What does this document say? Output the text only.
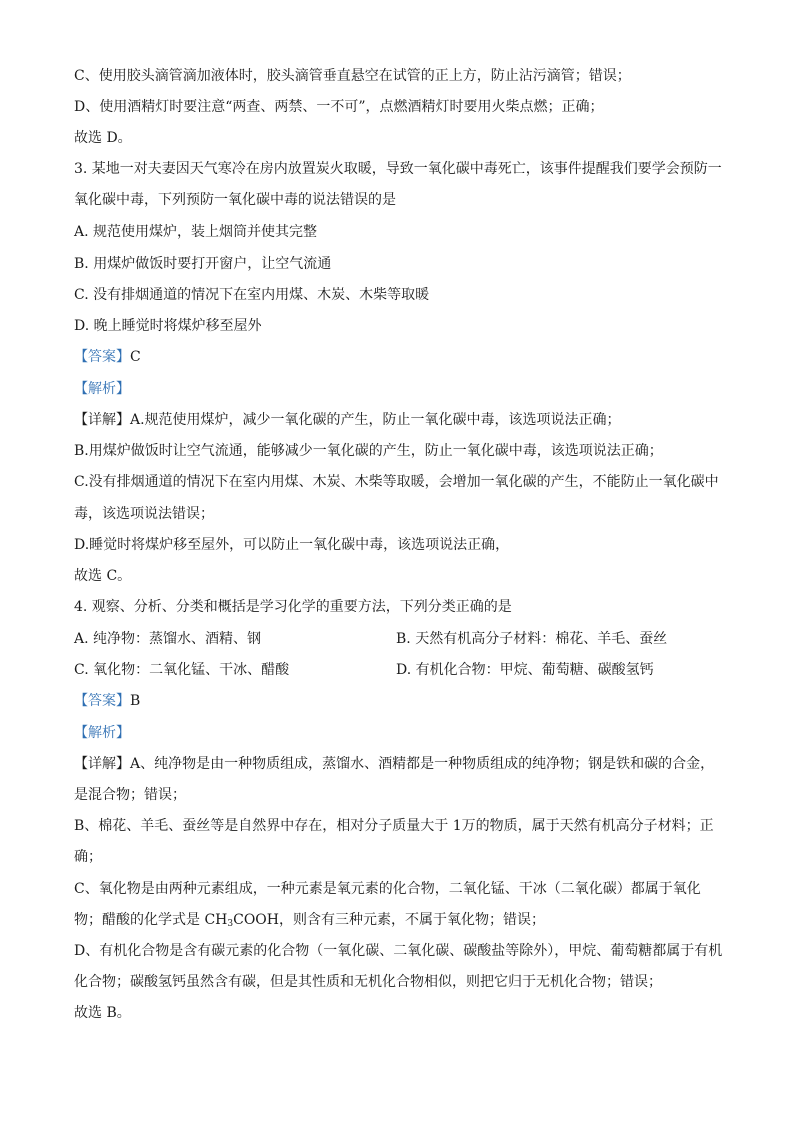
C、使用胶头滴管滴加液体时，胶头滴管垂直悬空在试管的正上方，防止沾污滴管；错误；
D、使用酒精灯时要注意“两查、两禁、一不可”，点燃酒精灯时要用火柴点燃；正确；
故选 D。
3. 某地一对夫妻因天气寒冷在房内放置炭火取暖，导致一氧化碳中毒死亡，该事件提醒我们要学会预防一
氧化碳中毒，下列预防一氧化碳中毒的说法错误的是
A. 规范使用煤炉，装上烟筒并使其完整
B. 用煤炉做饭时要打开窗户，让空气流通
C. 没有排烟通道的情况下在室内用煤、木炭、木柴等取暖
D. 晚上睡觉时将煤炉移至屋外
【答案】C
【解析】
【详解】A.规范使用煤炉，减少一氧化碳的产生，防止一氧化碳中毒，该选项说法正确；
B.用煤炉做饭时让空气流通，能够减少一氧化碳的产生，防止一氧化碳中毒，该选项说法正确；
C.没有排烟通道的情况下在室内用煤、木炭、木柴等取暖，会增加一氧化碳的产生，不能防止一氧化碳中
毒，该选项说法错误；
D.睡觉时将煤炉移至屋外，可以防止一氧化碳中毒，该选项说法正确，
故选 C。
4. 观察、分析、分类和概括是学习化学的重要方法，下列分类正确的是
A. 纯净物：蒸馏水、酒精、钢	B. 天然有机高分子材料：棉花、羊毛、蚕丝
C. 氧化物：二氧化锰、干冰、醋酸	D. 有机化合物：甲烷、葡萄糖、碳酸氢钙
【答案】B
【解析】
【详解】A、纯净物是由一种物质组成，蒸馏水、酒精都是一种物质组成的纯净物；钢是铁和碳的合金，
是混合物；错误；
B、棉花、羊毛、蚕丝等是自然界中存在，相对分子质量大于 1万的物质，属于天然有机高分子材料；正
确；
C、氧化物是由两种元素组成，一种元素是氧元素的化合物，二氧化锰、干冰（二氧化碳）都属于氧化
物；醋酸的化学式是 $CH_3COOH$，则含有三种元素，不属于氧化物；错误；
D、有机化合物是含有碳元素的化合物（一氧化碳、二氧化碳、碳酸盐等除外），甲烷、葡萄糖都属于有机
化合物；碳酸氢钙虽然含有碳，但是其性质和无机化合物相似，则把它归于无机化合物；错误；
故选 B。
